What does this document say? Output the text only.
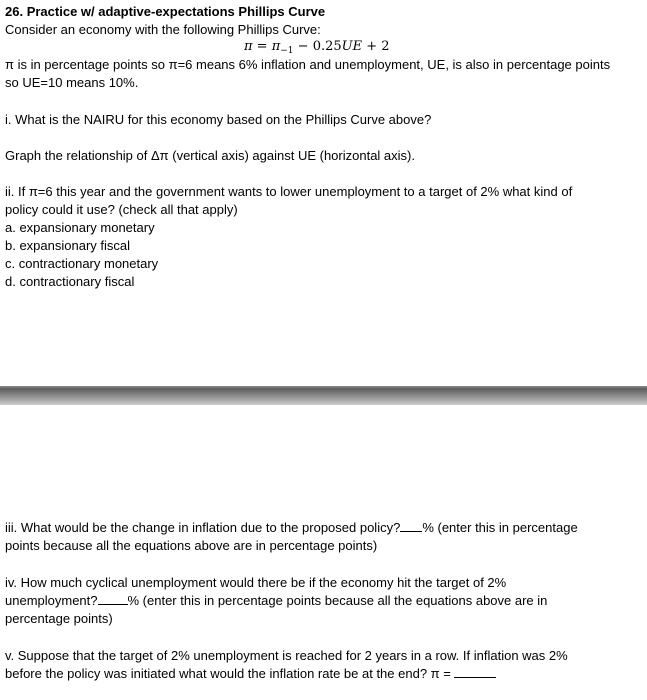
26. Practice w/ adaptive-expectations Phillips Curve
Consider an economy with the following Phillips Curve:
$\pi = \pi_{-1} - 0.25UE + 2$
π is in percentage points so π=6 means 6% inflation and unemployment, UE, is also in percentage points
so UE=10 means 10%.
i. What is the NAIRU for this economy based on the Phillips Curve above?
Graph the relationship of Δπ (vertical axis) against UE (horizontal axis).
ii. If π=6 this year and the government wants to lower unemployment to a target of 2% what kind of
policy could it use? (check all that apply)
a. expansionary monetary
b. expansionary fiscal
c. contractionary monetary
d. contractionary fiscal
iii. What would be the change in inflation due to the proposed policy? % (enter this in percentage
points because all the equations above are in percentage points)
iv. How much cyclical unemployment would there be if the economy hit the target of 2%
unemployment? % (enter this in percentage points because all the equations above are in
percentage points)
v. Suppose that the target of 2% unemployment is reached for 2 years in a row. If inflation was 2%
before the policy was initiated what would the inflation rate be at the end? π =
